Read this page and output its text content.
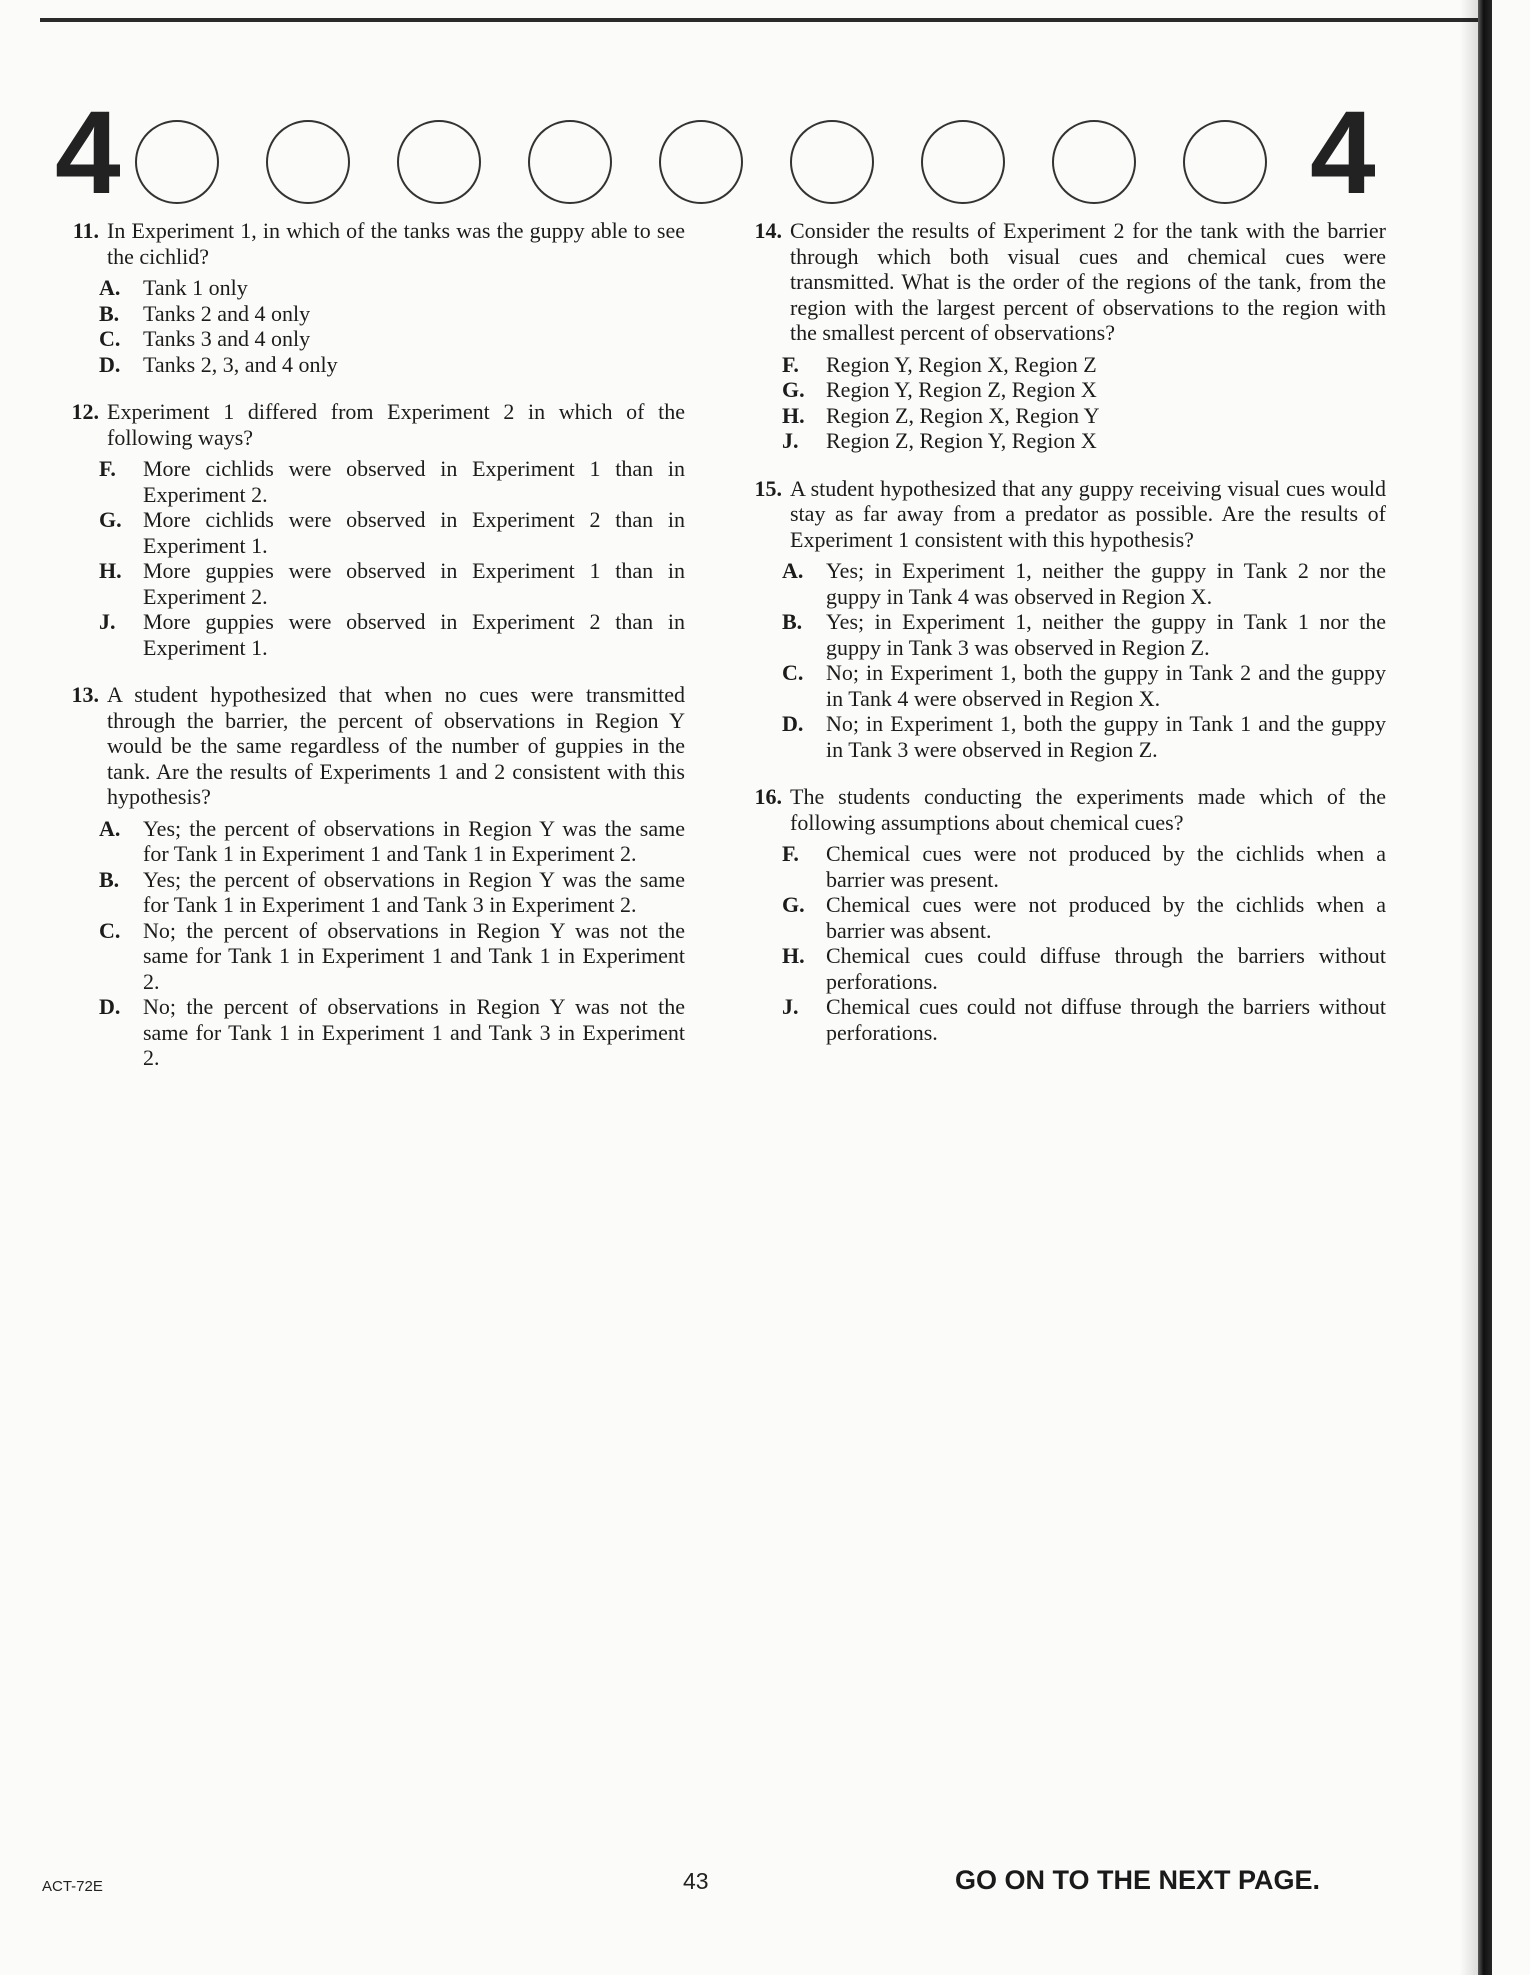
4	4
11. In Experiment 1, in which of the tanks was the guppy able to see the cichlid?
A.	Tank 1 only
B.	Tanks 2 and 4 only
C.	Tanks 3 and 4 only
D.	Tanks 2, 3, and 4 only
12. Experiment 1 differed from Experiment 2 in which of the following ways?
F.	More cichlids were observed in Experiment 1 than in Experiment 2.
G. More cichlids were observed in Experiment 2 than in Experiment 1.
H. More guppies were observed in Experiment 1 than in Experiment 2.
J.	More guppies were observed in Experiment 2 than in Experiment 1.
13. A student hypothesized that when no cues were transmitted through the barrier, the percent of observations in Region Y would be the same regardless of the number of guppies in the tank. Are the results of Experiments 1 and 2 consistent with this hypothesis?
A.	Yes; the percent of observations in Region Y was the same for Tank 1 in Experiment 1 and Tank 1 in Experiment 2.
B.	Yes; the percent of observations in Region Y was the same for Tank 1 in Experiment 1 and Tank 3 in Experiment 2.
C.	No; the percent of observations in Region Y was not the same for Tank 1 in Experiment 1 and Tank 1 in Experiment 2.
D.	No; the percent of observations in Region Y was not the same for Tank 1 in Experiment 1 and Tank 3 in Experiment 2.
14. Consider the results of Experiment 2 for the tank with the barrier through which both visual cues and chemical cues were transmitted. What is the order of the regions of the tank, from the region with the largest percent of observations to the region with the smallest percent of observations?
F.	Region Y, Region X, Region Z
G. Region Y, Region Z, Region X
H. Region Z, Region X, Region Y
J.	Region Z, Region Y, Region X
15. A student hypothesized that any guppy receiving visual cues would stay as far away from a predator as possible. Are the results of Experiment 1 consistent with this hypothesis?
A.	Yes; in Experiment 1, neither the guppy in Tank 2 nor the guppy in Tank 4 was observed in Region X.
B.	Yes; in Experiment 1, neither the guppy in Tank 1 nor the guppy in Tank 3 was observed in Region Z.
C.	No; in Experiment 1, both the guppy in Tank 2 and the guppy in Tank 4 were observed in Region X.
D.	No; in Experiment 1, both the guppy in Tank 1 and the guppy in Tank 3 were observed in Region Z.
16. The students conducting the experiments made which of the following assumptions about chemical cues?
F.	Chemical cues were not produced by the cichlids when a barrier was present.
G. Chemical cues were not produced by the cichlids when a barrier was absent.
H. Chemical cues could diffuse through the barriers without perforations.
J.	Chemical cues could not diffuse through the barriers without perforations.
ACT-72E	43	GO ON TO THE NEXT PAGE.
